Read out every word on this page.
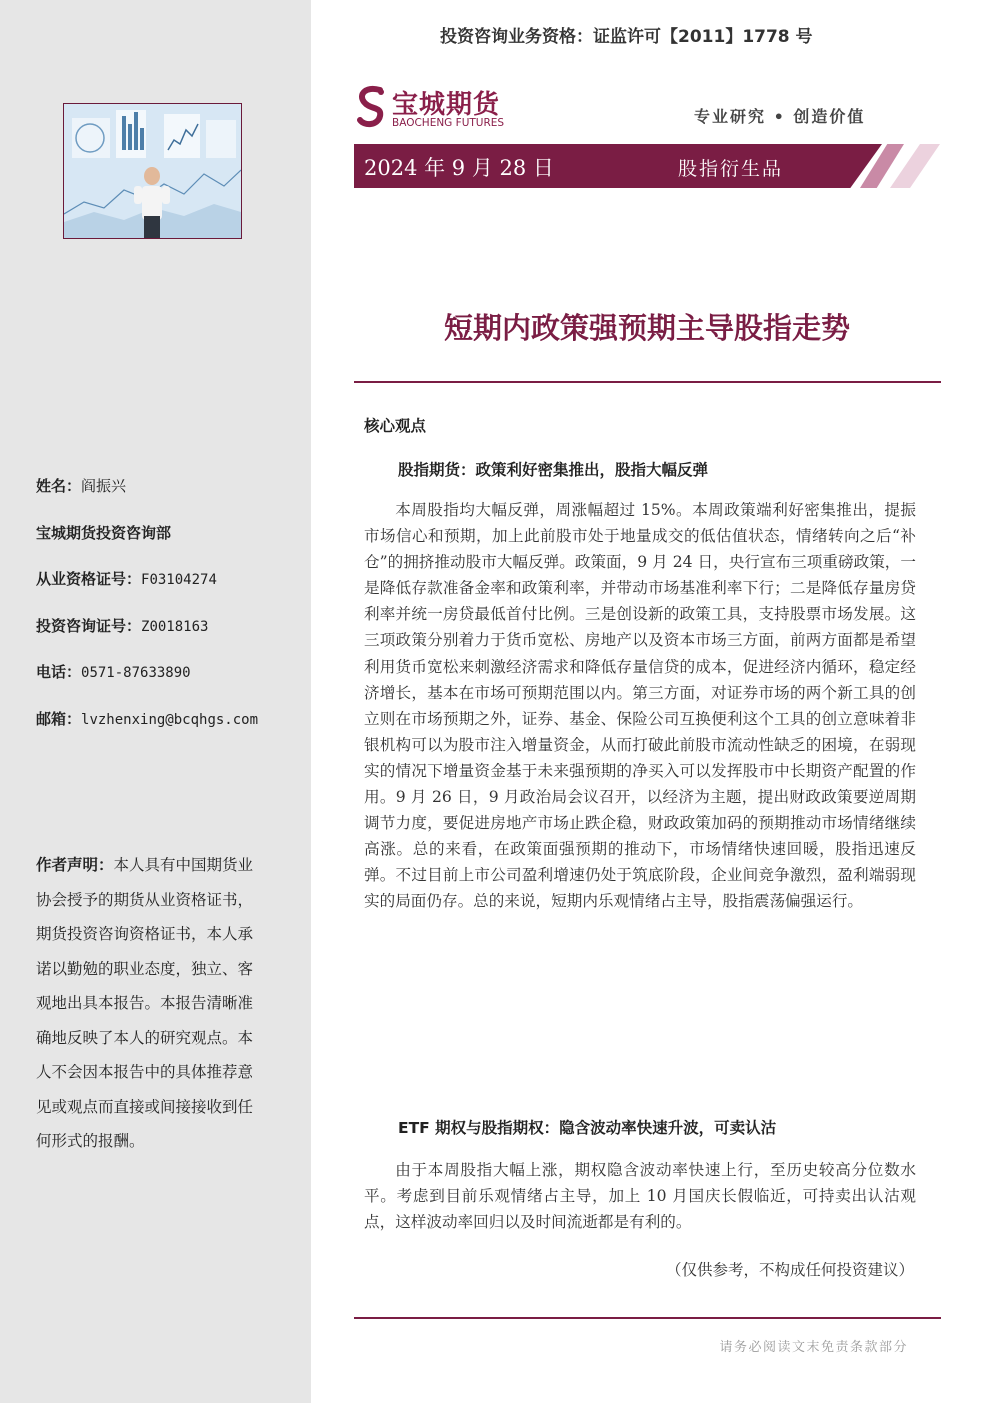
姓名：阎振兴
宝城期货投资咨询部
从业资格证号：F03104274
投资咨询证号：Z0018163
电话：0571-87633890
邮箱：lvzhenxing@bcqhgs.com
作者声明：本人具有中国期货业协会授予的期货从业资格证书，期货投资咨询资格证书，本人承诺以勤勉的职业态度，独立、客观地出具本报告。本报告清晰准确地反映了本人的研究观点。本人不会因本报告中的具体推荐意见或观点而直接或间接接收到任何形式的报酬。
投资咨询业务资格：证监许可【2011】1778 号
宝城期货
BAOCHENG FUTURES	专业研究 • 创造价值
2024 年 9 月 28 日	股指衍生品
短期内政策强预期主导股指走势
核心观点
股指期货：政策利好密集推出，股指大幅反弹
本周股指均大幅反弹，周涨幅超过 15%。本周政策端利好密集推出，提振市场信心和预期，加上此前股市处于地量成交的低估值状态，情绪转向之后“补仓”的拥挤推动股市大幅反弹。政策面，9 月 24 日，央行宣布三项重磅政策，一是降低存款准备金率和政策利率，并带动市场基准利率下行；二是降低存量房贷利率并统一房贷最低首付比例。三是创设新的政策工具，支持股票市场发展。这三项政策分别着力于货币宽松、房地产以及资本市场三方面，前两方面都是希望利用货币宽松来刺激经济需求和降低存量信贷的成本，促进经济内循环，稳定经济增长，基本在市场可预期范围以内。第三方面，对证券市场的两个新工具的创立则在市场预期之外，证券、基金、保险公司互换便利这个工具的创立意味着非银机构可以为股市注入增量资金，从而打破此前股市流动性缺乏的困境，在弱现实的情况下增量资金基于未来强预期的净买入可以发挥股市中长期资产配置的作用。9 月 26 日，9 月政治局会议召开，以经济为主题，提出财政政策要逆周期调节力度，要促进房地产市场止跌企稳，财政政策加码的预期推动市场情绪继续高涨。总的来看，在政策面强预期的推动下，市场情绪快速回暖，股指迅速反弹。不过目前上市公司盈利增速仍处于筑底阶段，企业间竞争激烈，盈利端弱现实的局面仍存。总的来说，短期内乐观情绪占主导，股指震荡偏强运行。
ETF 期权与股指期权：隐含波动率快速升波，可卖认沽
由于本周股指大幅上涨，期权隐含波动率快速上行，至历史较高分位数水平。考虑到目前乐观情绪占主导，加上 10 月国庆长假临近，可持卖出认沽观点，这样波动率回归以及时间流逝都是有利的。
（仅供参考，不构成任何投资建议）
请务必阅读文末免责条款部分
